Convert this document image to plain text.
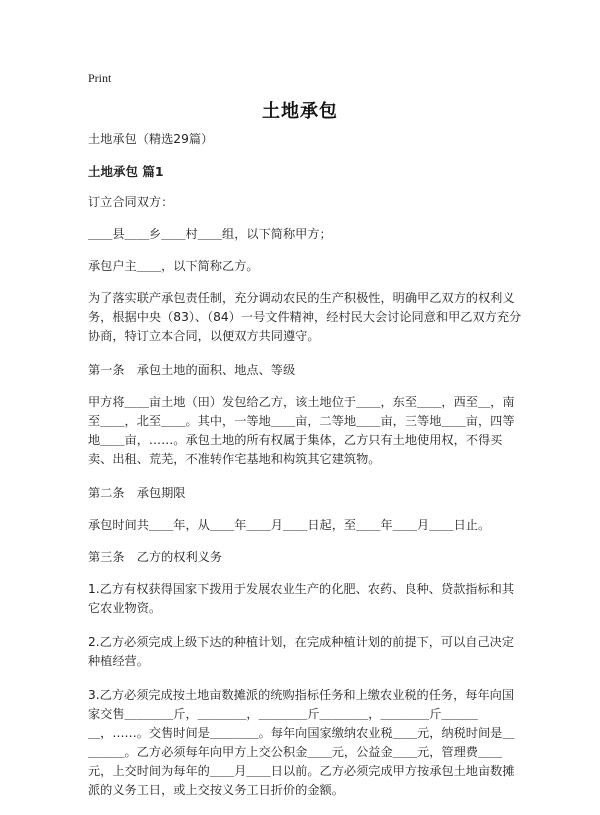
Print
土地承包
土地承包（精选29篇）
土地承包 篇1
订立合同双方：
＿＿县＿＿乡＿＿村＿＿组，以下简称甲方；
承包户主＿＿，以下简称乙方。
为了落实联产承包责任制，充分调动农民的生产积极性，明确甲乙双方的权利义务，根据中央（83）、（84）一号文件精神，经村民大会讨论同意和甲乙双方充分协商，特订立本合同，以便双方共同遵守。
第一条　承包土地的面积、地点、等级
甲方将＿＿亩土地（田）发包给乙方，该土地位于＿＿，东至＿＿，西至＿，南至＿＿，北至＿＿。其中，一等地＿＿亩，二等地＿＿亩，三等地＿＿亩，四等地＿＿亩，……。承包土地的所有权属于集体，乙方只有土地使用权，不得买卖、出租、荒芜，不准转作宅基地和构筑其它建筑物。
第二条　承包期限
承包时间共＿＿年，从＿＿年＿＿月＿＿日起，至＿＿年＿＿月＿＿日止。
第三条　乙方的权利义务
1.乙方有权获得国家下拨用于发展农业生产的化肥、农药、良种、贷款指标和其它农业物资。
2.乙方必须完成上级下达的种植计划，在完成种植计划的前提下，可以自己决定种植经营。
3.乙方必须完成按土地亩数摊派的统购指标任务和上缴农业税的任务，每年向国家交售＿＿＿＿斤，＿＿＿＿，＿＿＿＿斤＿＿＿＿，＿＿＿＿斤＿＿＿＿，……。交售时间是＿＿＿＿。每年向国家缴纳农业税＿＿元，纳税时间是＿＿＿＿。乙方必须每年向甲方上交公积金＿＿元，公益金＿＿元，管理费＿＿元，上交时间为每年的＿＿月＿＿日以前。乙方必须完成甲方按承包土地亩数摊派的义务工日，或上交按义务工日折价的金额。
